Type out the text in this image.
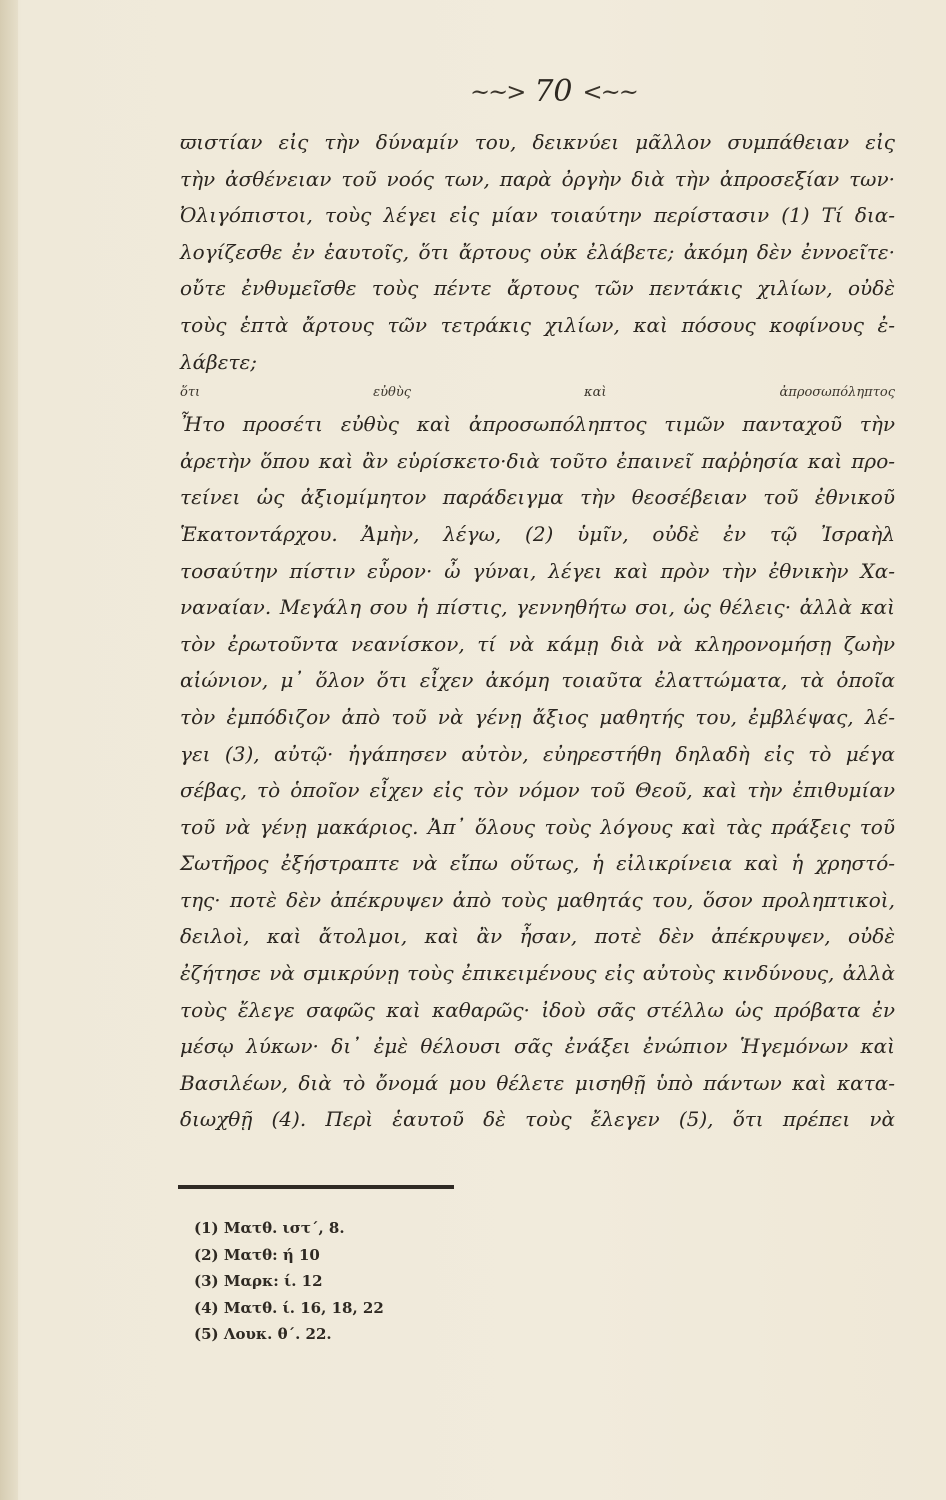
~~> 70 <~~
ϖιστίαν εἰς τὴν δύναμίν του, δεικνύει μᾶλλον συμπάθειαν εἰς
τὴν ἀσθένειαν τοῦ νοός των, παρὰ ὀργὴν διὰ τὴν ἀπροσεξίαν των·
Ὀλιγόπιστοι, τοὺς λέγει εἰς μίαν τοιαύτην περίστασιν (1) Τί δια-
λογίζεσθε ἐν ἑαυτοῖς, ὅτι ἄρτους οὐκ ἐλάβετε; ἀκόμη δὲν ἐννοεῖτε·
οὔτε ἐνθυμεῖσθε τοὺς πέντε ἄρτους τῶν πεντάκις χιλίων, οὐδὲ
τοὺς ἑπτὰ ἄρτους τῶν τετράκις χιλίων, καὶ πόσους κοφίνους ἐ-
λάβετε;
ὅτι εὐθὺς καὶ ἀπροσωπόληπτος
Ἦτο προσέτι εὐθὺς καὶ ἀπροσωπόληπτος τιμῶν πανταχοῦ τὴν
ἀρετὴν ὅπου καὶ ἂν εὑρίσκετο·διὰ τοῦτο ἐπαινεῖ παῤῥησία καὶ προ-
τείνει ὡς ἀξιομίμητον παράδειγμα τὴν θεοσέβειαν τοῦ ἐθνικοῦ
Ἑκατοντάρχου. Ἀμὴν, λέγω, (2) ὑμῖν, οὐδὲ ἐν τῷ Ἰσραὴλ
τοσαύτην πίστιν εὗρον· ὦ γύναι, λέγει καὶ πρὸν τὴν ἐθνικὴν Χα-
ναναίαν. Μεγάλη σου ἡ πίστις, γεννηθήτω σοι, ὡς θέλεις· ἀλλὰ καὶ
τὸν ἐρωτοῦντα νεανίσκον, τί νὰ κάμῃ διὰ νὰ κληρονομήσῃ ζωὴν
αἰώνιον, μ᾽ ὅλον ὅτι εἶχεν ἀκόμη τοιαῦτα ἐλαττώματα, τὰ ὁποῖα
τὸν ἐμπόδιζον ἀπὸ τοῦ νὰ γένῃ ἄξιος μαθητής του, ἐμβλέψας, λέ-
γει (3), αὐτῷ· ἠγάπησεν αὐτὸν, εὐηρεστήθη δηλαδὴ εἰς τὸ μέγα
σέβας, τὸ ὁποῖον εἶχεν εἰς τὸν νόμον τοῦ Θεοῦ, καὶ τὴν ἐπιθυμίαν
τοῦ νὰ γένῃ μακάριος. Ἀπ᾽ ὅλους τοὺς λόγους καὶ τὰς πράξεις τοῦ
Σωτῆρος ἐξήστραπτε νὰ εἴπω οὕτως, ἡ εἰλικρίνεια καὶ ἡ χρηστό-
της· ποτὲ δὲν ἀπέκρυψεν ἀπὸ τοὺς μαθητάς του, ὅσον προληπτικοὶ,
δειλοὶ, καὶ ἄτολμοι, καὶ ἂν ἦσαν, ποτὲ δὲν ἀπέκρυψεν, οὐδὲ
ἐζήτησε νὰ σμικρύνῃ τοὺς ἐπικειμένους εἰς αὐτοὺς κινδύνους, ἀλλὰ
τοὺς ἔλεγε σαφῶς καὶ καθαρῶς· ἰδοὺ σᾶς στέλλω ὡς πρόβατα ἐν
μέσῳ λύκων· δι᾽ ἐμὲ θέλουσι σᾶς ἐνάξει ἐνώπιον Ἡγεμόνων καὶ
Βασιλέων, διὰ τὸ ὄνομά μου θέλετε μισηθῇ ὑπὸ πάντων καὶ κατα-
διωχθῇ (4). Περὶ ἑαυτοῦ δὲ τοὺς ἔλεγεν (5), ὅτι πρέπει νὰ
(1) Ματθ. ιστ΄, 8.
(2) Ματθ: ή 10
(3) Μαρκ: ί. 12
(4) Ματθ. ί. 16, 18, 22
(5) Λουκ. θ΄. 22.
